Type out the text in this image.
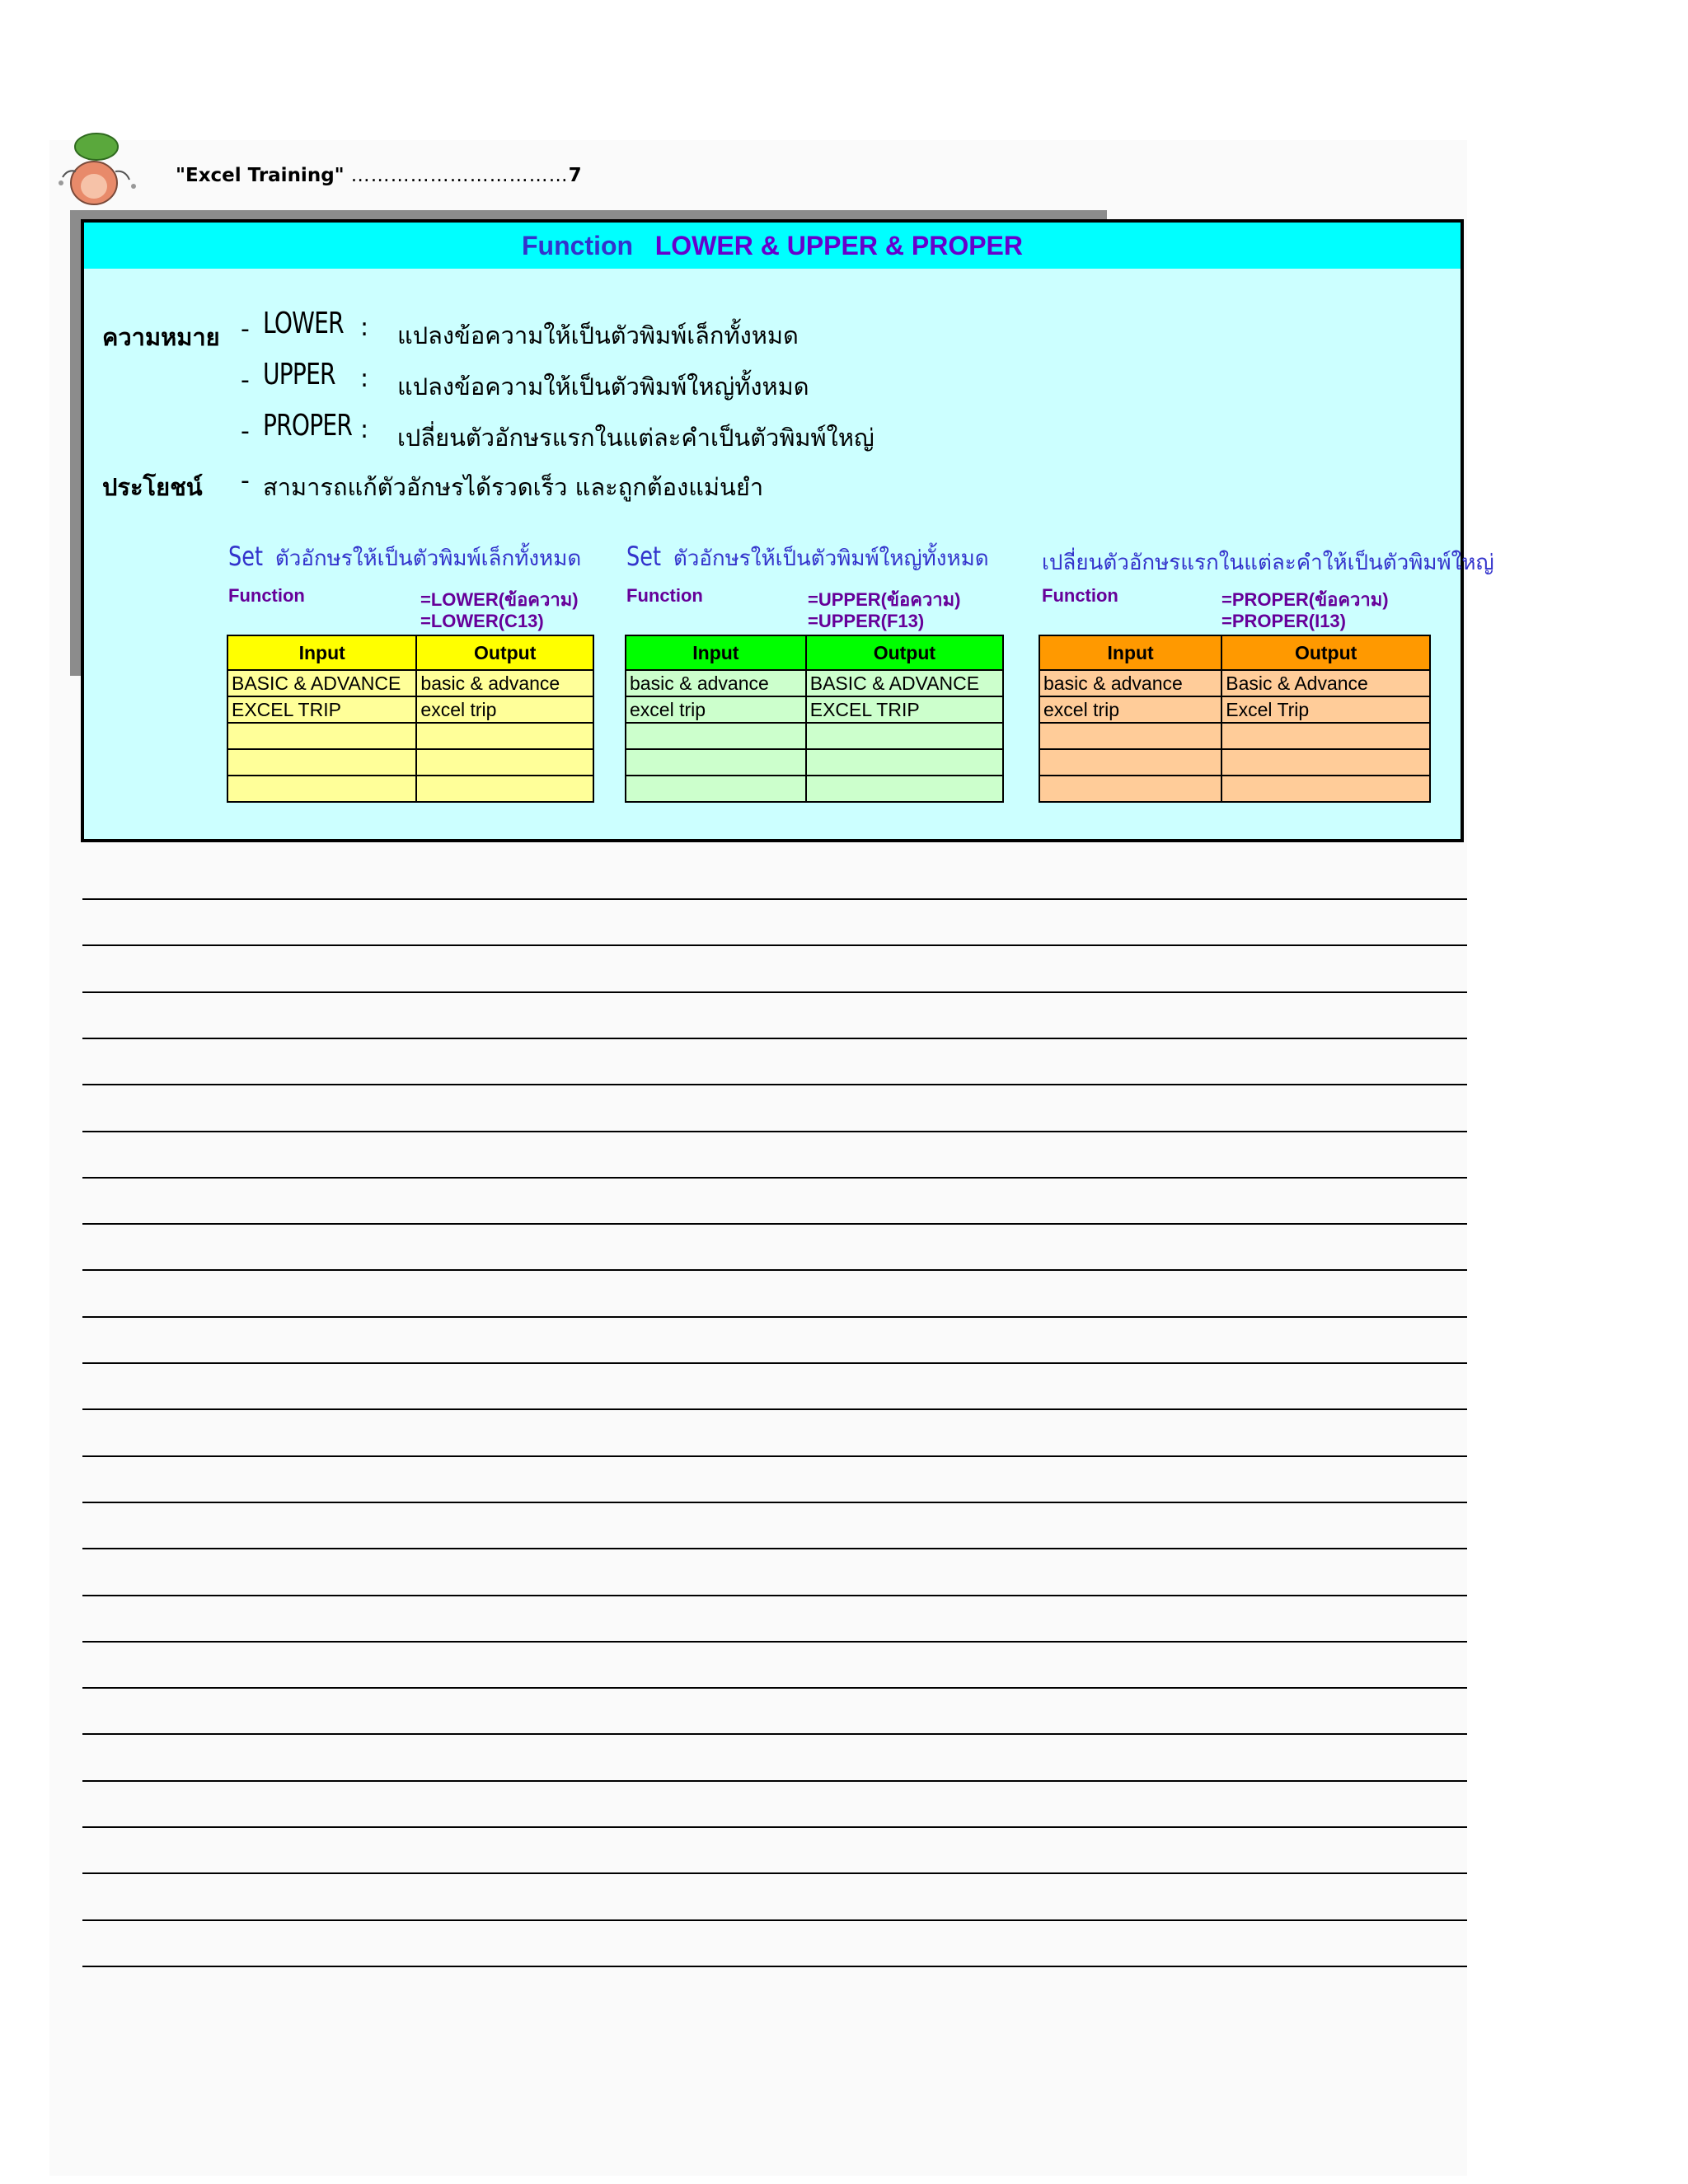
"Excel Training" ……………………………7
Function LOWER & UPPER & PROPER
ความหมาย - LOWER : แปลงข้อความให้เป็นตัวพิมพ์เล็กทั้งหมด
- UPPER : แปลงข้อความให้เป็นตัวพิมพ์ใหญ่ทั้งหมด
- PROPER : เปลี่ยนตัวอักษรแรกในแต่ละคำเป็นตัวพิมพ์ใหญ่
ประโยชน์ - สามารถแก้ตัวอักษรได้รวดเร็ว และถูกต้องแม่นยำ
Set ตัวอักษรให้เป็นตัวพิมพ์เล็กทั้งหมด
Function	=LOWER(ข้อความ)
=LOWER(C13)
Input	Output
BASIC & ADVANCE	basic & advance
EXCEL TRIP	excel trip

Set ตัวอักษรให้เป็นตัวพิมพ์ใหญ่ทั้งหมด
Function	=UPPER(ข้อความ)
=UPPER(F13)
Input	Output
basic & advance	BASIC & ADVANCE
excel trip	EXCEL TRIP

เปลี่ยนตัวอักษรแรกในแต่ละคำให้เป็นตัวพิมพ์ใหญ่
Function	=PROPER(ข้อความ)
=PROPER(I13)
Input	Output
basic & advance	Basic & Advance
excel trip	Excel Trip
